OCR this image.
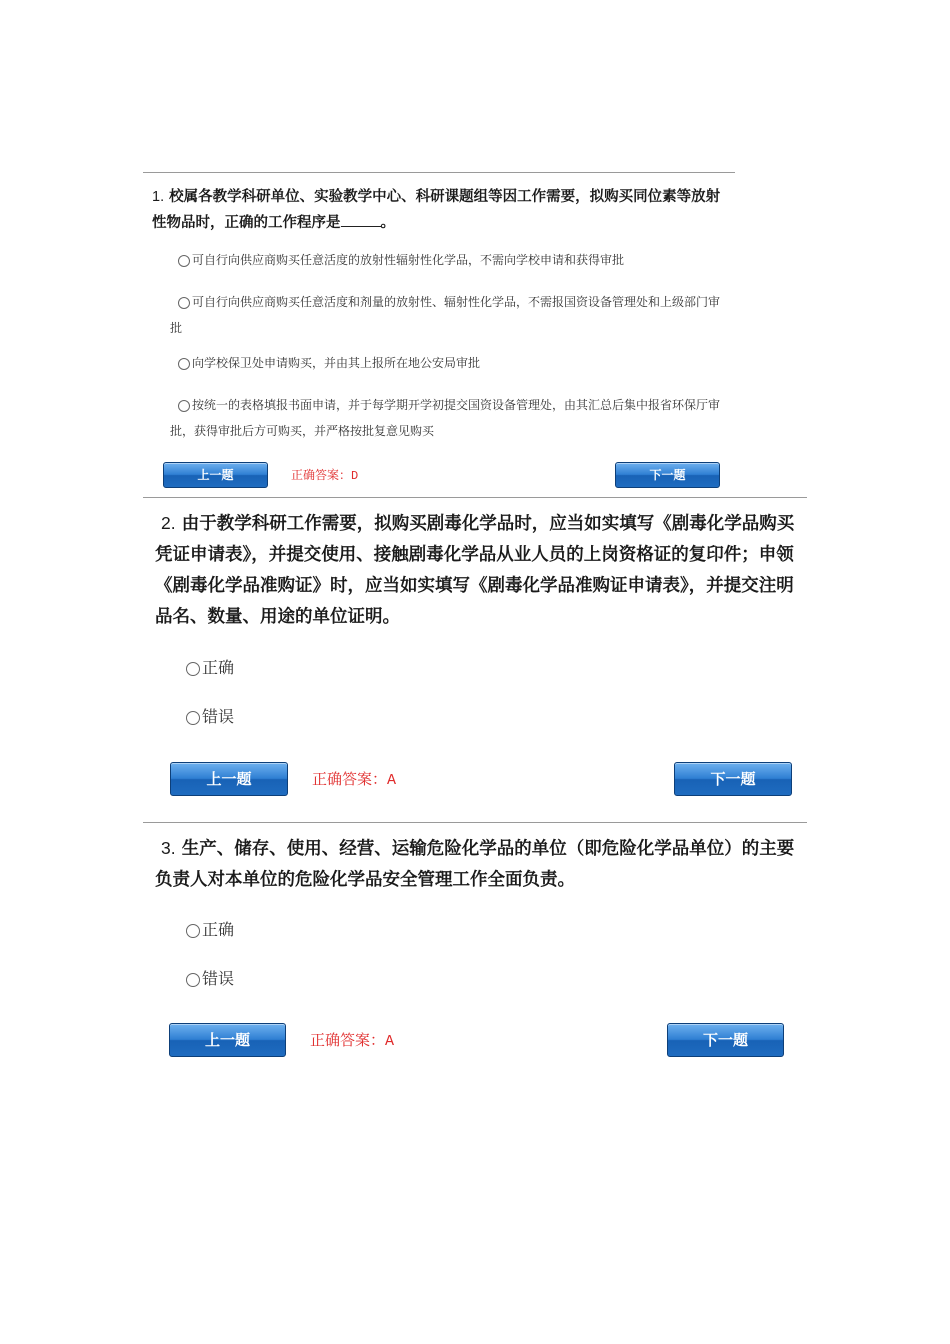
1. 校属各教学科研单位、实验教学中心、科研课题组等因工作需要，拟购买同位素等放射性物品时，正确的工作程序是	。

可自行向供应商购买任意活度的放射性辐射性化学品，不需向学校申请和获得审批

可自行向供应商购买任意活度和剂量的放射性、辐射性化学品，不需报国资设备管理处和上级部门审批

向学校保卫处申请购买，并由其上报所在地公安局审批

按统一的表格填报书面申请，并于每学期开学初提交国资设备管理处，由其汇总后集中报省环保厅审批，获得审批后方可购买，并严格按批复意见购买

上一题	正确答案：D	下一题

2. 由于教学科研工作需要，拟购买剧毒化学品时，应当如实填写《剧毒化学品购买凭证申请表》，并提交使用、接触剧毒化学品从业人员的上岗资格证的复印件；申领《剧毒化学品准购证》时，应当如实填写《剧毒化学品准购证申请表》，并提交注明品名、数量、用途的单位证明。

正确

错误

上一题	正确答案：A	下一题

3. 生产、储存、使用、经营、运输危险化学品的单位（即危险化学品单位）的主要负责人对本单位的危险化学品安全管理工作全面负责。

正确

错误

上一题	正确答案：A	下一题
